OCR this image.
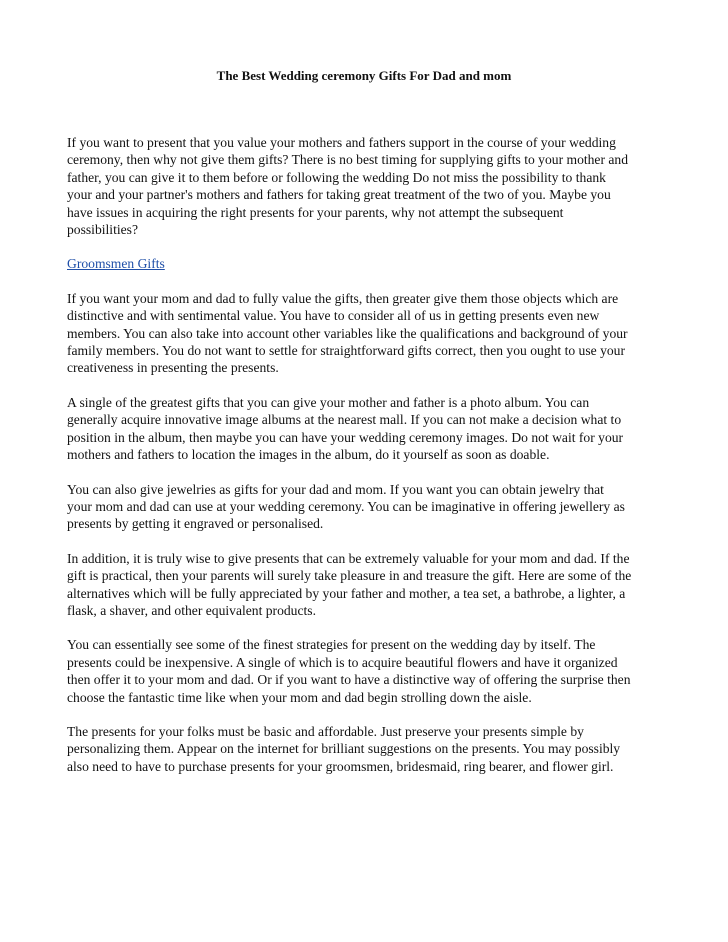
The Best Wedding ceremony Gifts For Dad and mom

If you want to present that you value your mothers and fathers support in the course of your wedding
ceremony, then why not give them gifts? There is no best timing for supplying gifts to your mother and
father, you can give it to them before or following the wedding Do not miss the possibility to thank
your and your partner's mothers and fathers for taking great treatment of the two of you. Maybe you
have issues in acquiring the right presents for your parents, why not attempt the subsequent
possibilities?

Groomsmen Gifts

If you want your mom and dad to fully value the gifts, then greater give them those objects which are
distinctive and with sentimental value. You have to consider all of us in getting presents even new
members. You can also take into account other variables like the qualifications and background of your
family members. You do not want to settle for straightforward gifts correct, then you ought to use your
creativeness in presenting the presents.

A single of the greatest gifts that you can give your mother and father is a photo album. You can
generally acquire innovative image albums at the nearest mall. If you can not make a decision what to
position in the album, then maybe you can have your wedding ceremony images. Do not wait for your
mothers and fathers to location the images in the album, do it yourself as soon as doable.

You can also give jewelries as gifts for your dad and mom. If you want you can obtain jewelry that
your mom and dad can use at your wedding ceremony. You can be imaginative in offering jewellery as
presents by getting it engraved or personalised.

In addition, it is truly wise to give presents that can be extremely valuable for your mom and dad. If the
gift is practical, then your parents will surely take pleasure in and treasure the gift. Here are some of the
alternatives which will be fully appreciated by your father and mother, a tea set, a bathrobe, a lighter, a
flask, a shaver, and other equivalent products.

You can essentially see some of the finest strategies for present on the wedding day by itself. The
presents could be inexpensive. A single of which is to acquire beautiful flowers and have it organized
then offer it to your mom and dad. Or if you want to have a distinctive way of offering the surprise then
choose the fantastic time like when your mom and dad begin strolling down the aisle.

The presents for your folks must be basic and affordable. Just preserve your presents simple by
personalizing them. Appear on the internet for brilliant suggestions on the presents. You may possibly
also need to have to purchase presents for your groomsmen, bridesmaid, ring bearer, and flower girl.
